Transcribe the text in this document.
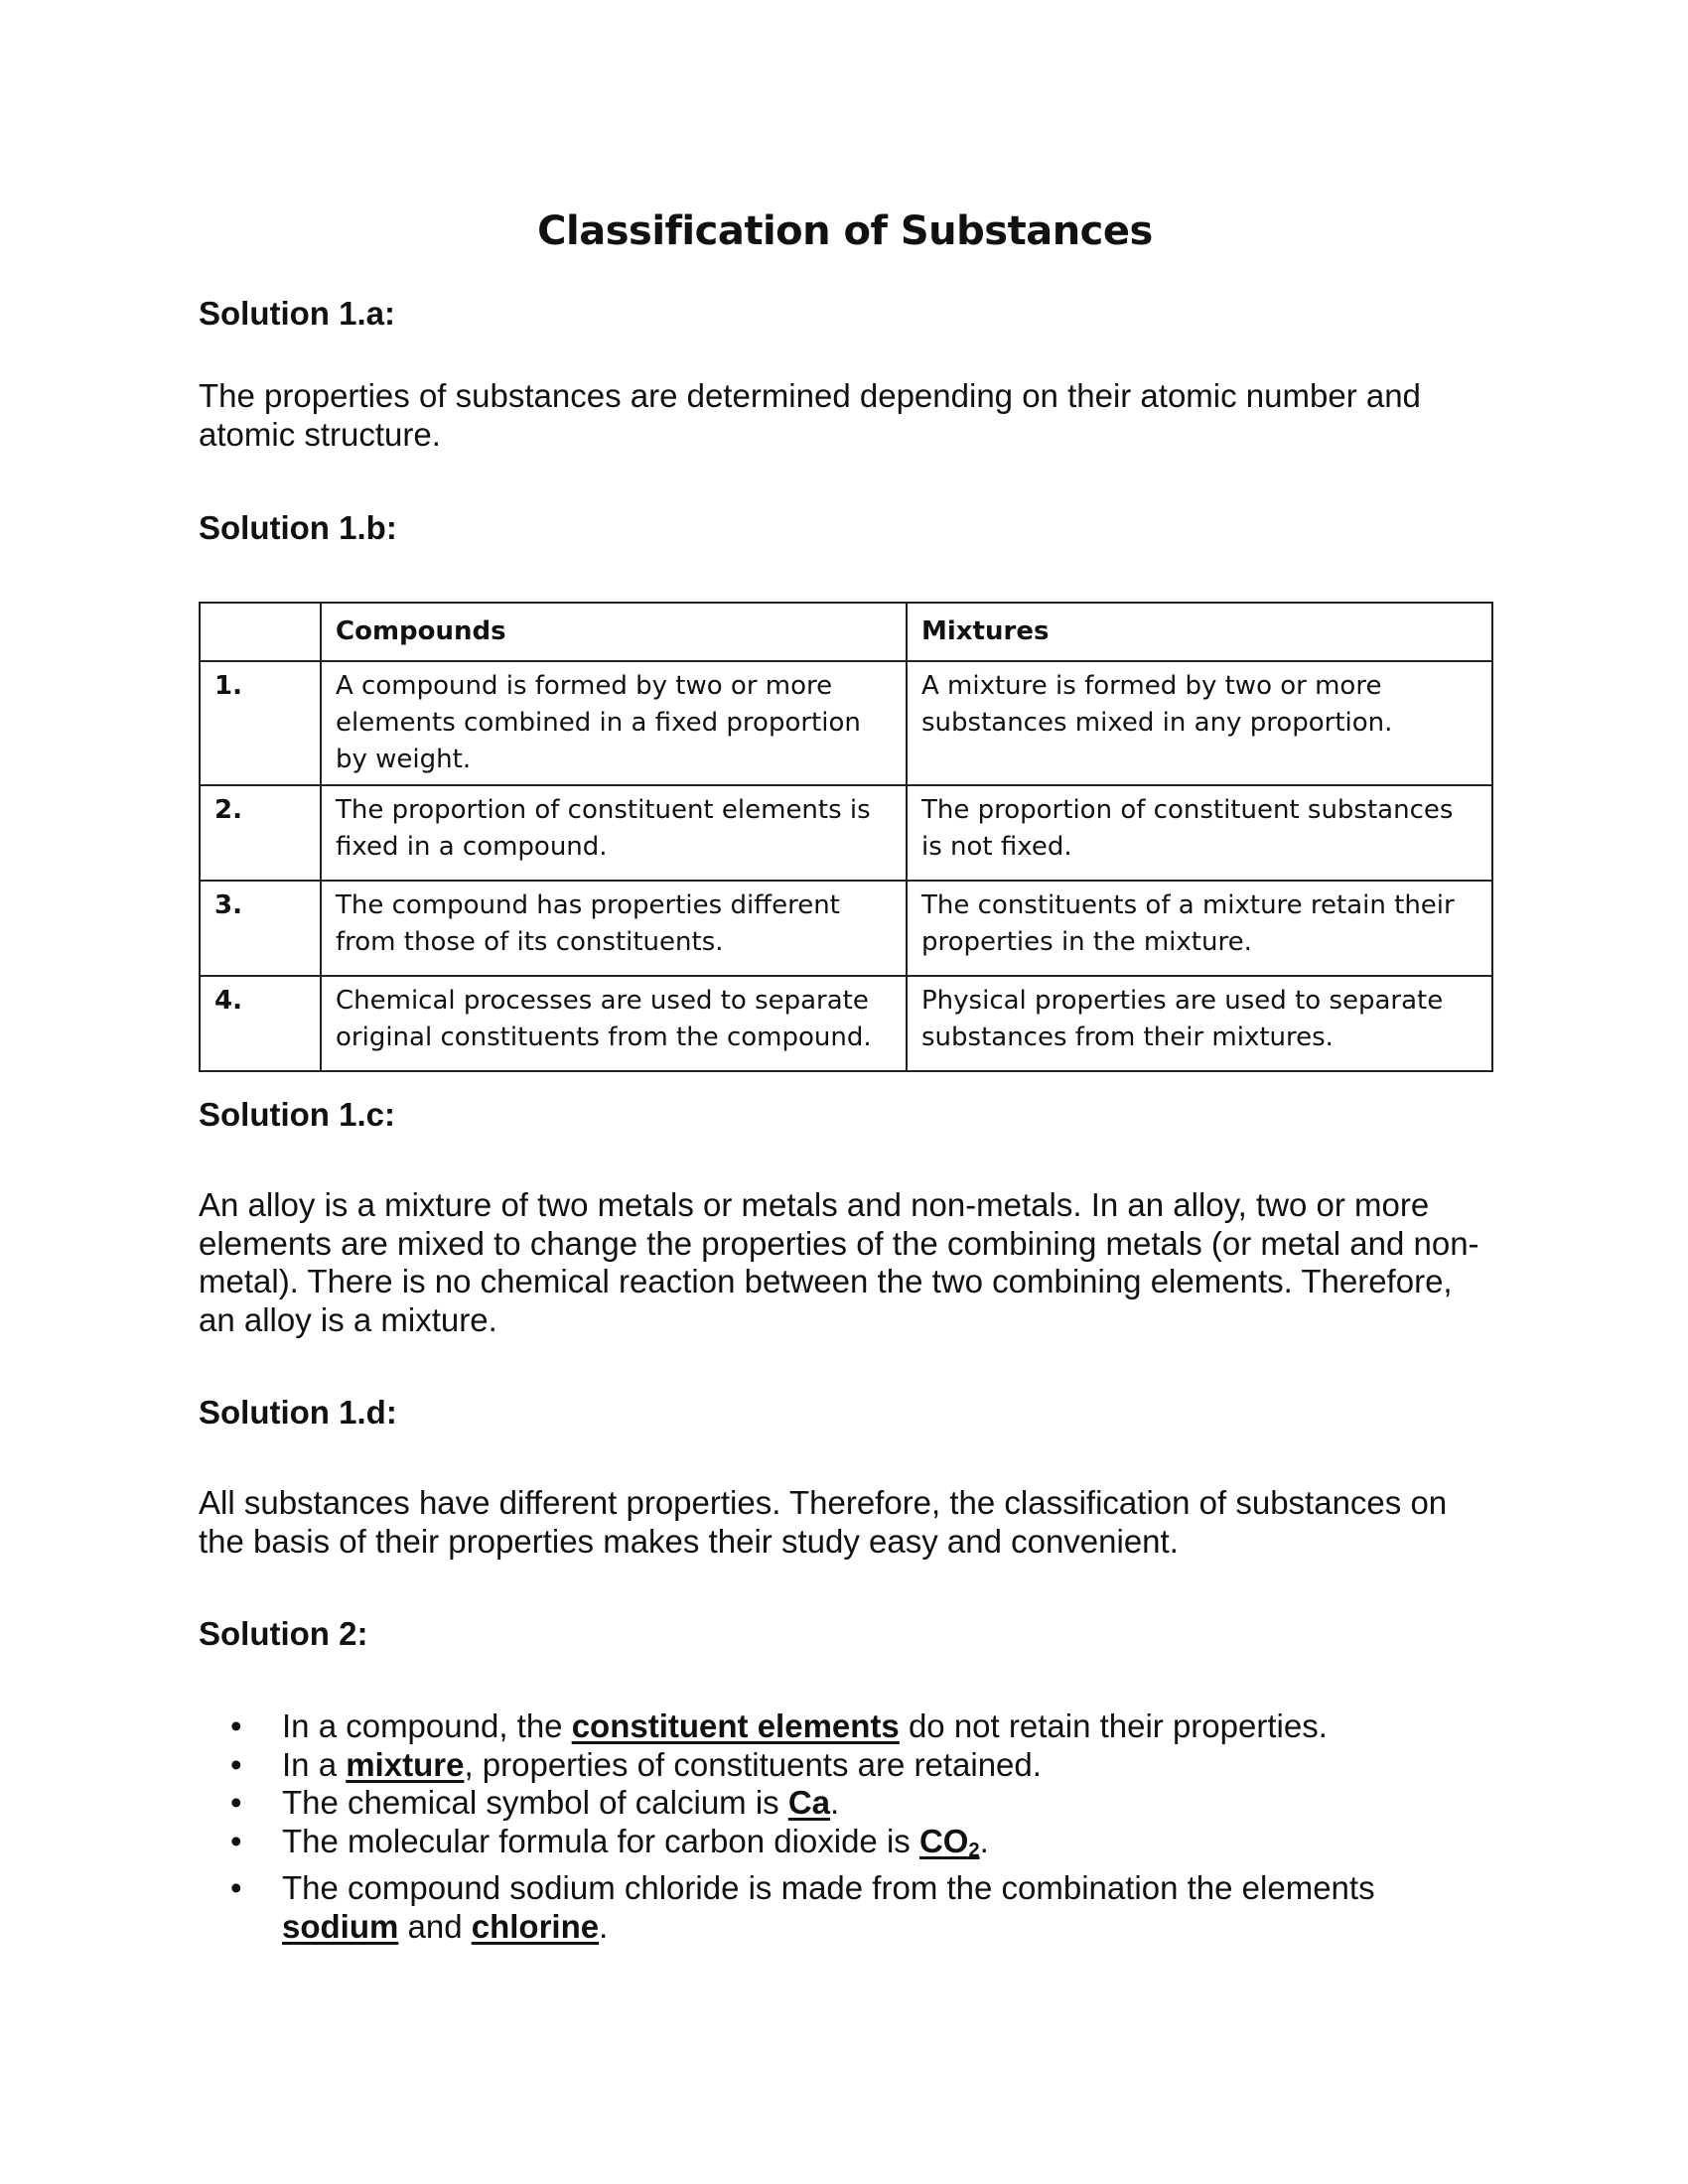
Classification of Substances
Solution 1.a:

The properties of substances are determined depending on their atomic number and atomic structure.

Solution 1.b:
	Compounds	Mixtures
1.	A compound is formed by two or more elements combined in a fixed proportion by weight.	A mixture is formed by two or more substances mixed in any proportion.
2.	The proportion of constituent elements is fixed in a compound.	The proportion of constituent substances is not fixed.
3.	The compound has properties different from those of its constituents.	The constituents of a mixture retain their properties in the mixture.
4.	Chemical processes are used to separate original constituents from the compound.	Physical properties are used to separate substances from their mixtures.
Solution 1.c:

An alloy is a mixture of two metals or metals and non-metals. In an alloy, two or more elements are mixed to change the properties of the combining metals (or metal and non-metal). There is no chemical reaction between the two combining elements. Therefore, an alloy is a mixture.

Solution 1.d:

All substances have different properties. Therefore, the classification of substances on the basis of their properties makes their study easy and convenient.

Solution 2:
• In a compound, the constituent elements do not retain their properties.
• In a mixture, properties of constituents are retained.
• The chemical symbol of calcium is Ca.
• The molecular formula for carbon dioxide is $CO_2$.
• The compound sodium chloride is made from the combination the elements sodium and chlorine.
